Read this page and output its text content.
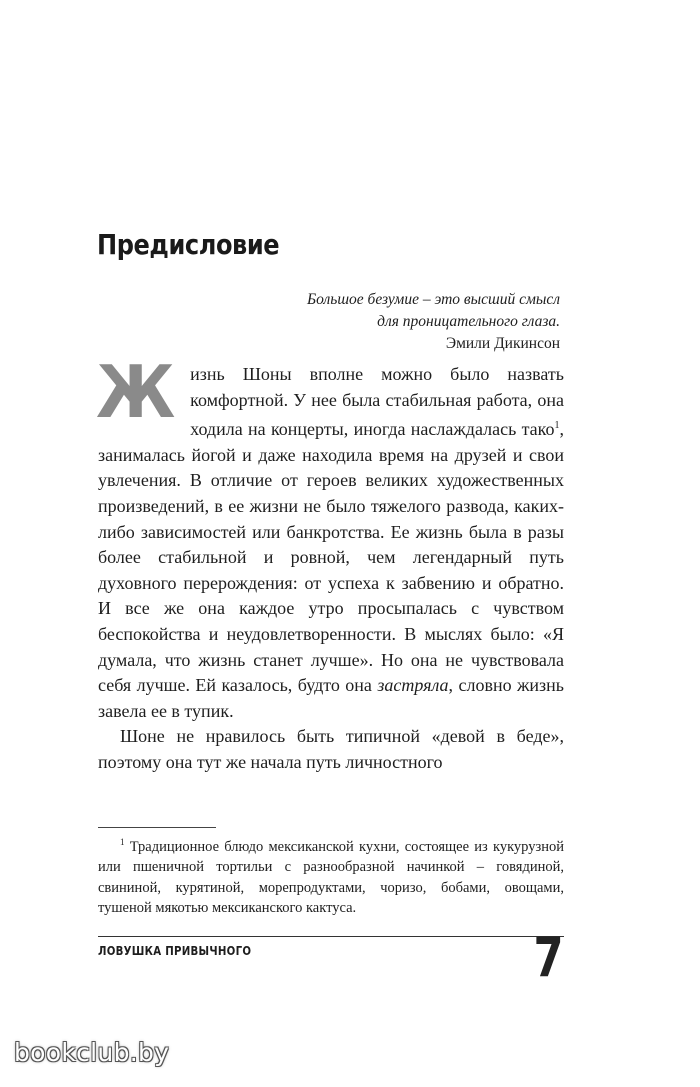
Предисловие
Большое безумие – это высший смысл
для проницательного глаза.
Эмили Дикинсон

Жизнь Шоны вполне можно было назвать комфортной. У нее была стабильная работа, она ходила на концерты, иногда наслаждалась тако$^1$, занималась йогой и даже находила время на друзей и свои увлечения. В отличие от героев великих художественных произведений, в ее жизни не было тяжелого развода, каких-либо зависимостей или банкротства. Ее жизнь была в разы более стабильной и ровной, чем легендарный путь духовного перерождения: от успеха к забвению и обратно. И все же она каждое утро просыпалась с чувством беспокойства и неудовлетворенности. В мыслях было: «Я думала, что жизнь станет лучше». Но она не чувствовала себя лучше. Ей казалось, будто она застряла, словно жизнь завела ее в тупик.

Шоне не нравилось быть типичной «девой в беде», поэтому она тут же начала путь личностного

$^1$ Традиционное блюдо мексиканской кухни, состоящее из кукурузной или пшеничной тортильи с разнообразной начинкой – говядиной, свининой, курятиной, морепродуктами, чоризо, бобами, овощами, тушеной мякотью мексиканского кактуса.
ЛОВУШКА ПРИВЫЧНОГО	7
bookclub.by
